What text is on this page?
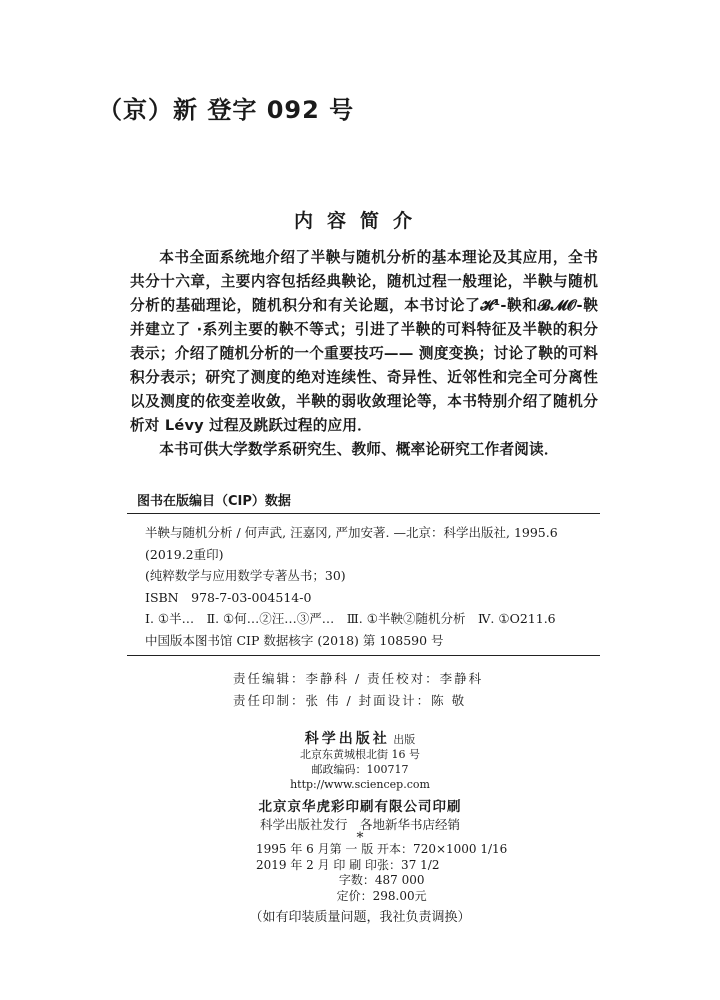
（京）新 登字 092 号
内容简介

本书全面系统地介绍了半鞅与随机分析的基本理论及其应用，全书共分十六章，主要内容包括经典鞅论，随机过程一般理论，半鞅与随机分析的基础理论，随机积分和有关论题，本书讨论了𝓗¹-鞅和𝓑𝓜𝓞-鞅并建立了 ·系列主要的鞅不等式；引进了半鞅的可料特征及半鞅的积分表示；介绍了随机分析的一个重要技巧—— 测度变换；讨论了鞅的可料积分表示；研究了测度的绝对连续性、奇异性、近邻性和完全可分离性以及测度的依变差收敛，半鞅的弱收敛理论等，本书特别介绍了随机分析对 Lévy 过程及跳跃过程的应用．

本书可供大学数学系研究生、教师、概率论研究工作者阅读．

图书在版编目（CIP）数据
半鞅与随机分析 / 何声武, 汪嘉冈, 严加安著. —北京：科学出版社, 1995.6
(2019.2重印)
(纯粹数学与应用数学专著丛书；30)
ISBN　978-7-03-004514-0
Ⅰ. ①半…　Ⅱ. ①何…②汪…③严…　Ⅲ. ①半鞅②随机分析　Ⅳ. ①O211.6
中国版本图书馆 CIP 数据核字 (2018) 第 108590 号
责任编辑：李静科 / 责任校对：李静科
责任印制：张 伟 / 封面设计：陈 敬
科学出版社 出版
北京东黄城根北街 16 号
邮政编码：100717
http://www.sciencep.com
北京京华虎彩印刷有限公司印刷
科学出版社发行　各地新华书店经销
*
1995 年 6 月第 一 版 开本：720×1000 1/16
2019 年 2 月 印 刷 印张：37 1/2
字数：487 000
定价：298.00元
（如有印装质量问题，我社负责调换）
